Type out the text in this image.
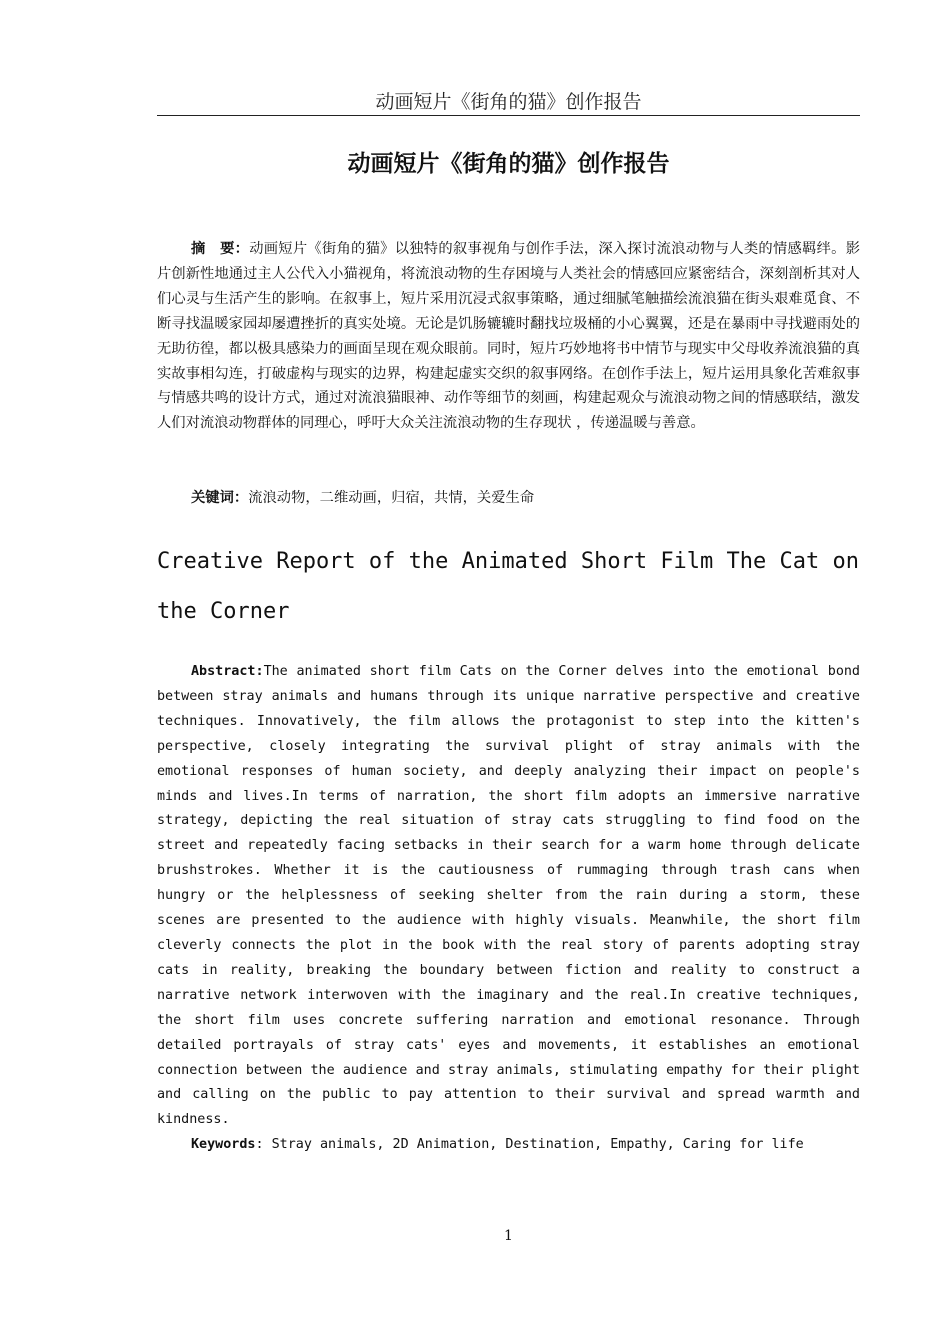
动画短片《街角的猫》创作报告
动画短片《街角的猫》创作报告

摘　要：动画短片《街角的猫》以独特的叙事视角与创作手法，深入探讨流浪动物与人类的情感羁绊。影片创新性地通过主人公代入小猫视角，将流浪动物的生存困境与人类社会的情感回应紧密结合，深刻剖析其对人们心灵与生活产生的影响。在叙事上，短片采用沉浸式叙事策略，通过细腻笔触描绘流浪猫在街头艰难觅食、不断寻找温暖家园却屡遭挫折的真实处境。无论是饥肠辘辘时翻找垃圾桶的小心翼翼，还是在暴雨中寻找避雨处的无助彷徨，都以极具感染力的画面呈现在观众眼前。同时，短片巧妙地将书中情节与现实中父母收养流浪猫的真实故事相勾连，打破虚构与现实的边界，构建起虚实交织的叙事网络。在创作手法上，短片运用具象化苦难叙事与情感共鸣的设计方式，通过对流浪猫眼神、动作等细节的刻画，构建起观众与流浪动物之间的情感联结，激发人们对流浪动物群体的同理心，呼吁大众关注流浪动物的生存现状 ，传递温暖与善意。

关键词：流浪动物，二维动画，归宿，共情，关爱生命

Creative Report of the Animated Short Film The Cat on the Corner

Abstract:The animated short film Cats on the Corner delves into the emotional bond between stray animals and humans through its unique narrative perspective and creative techniques. Innovatively, the film allows the protagonist to step into the kitten's perspective, closely integrating the survival plight of stray animals with the emotional responses of human society, and deeply analyzing their impact on people's minds and lives.In terms of narration, the short film adopts an immersive narrative strategy, depicting the real situation of stray cats struggling to find food on the street and repeatedly facing setbacks in their search for a warm home through delicate brushstrokes. Whether it is the cautiousness of rummaging through trash cans when hungry or the helplessness of seeking shelter from the rain during a storm, these scenes are presented to the audience with highly visuals. Meanwhile, the short film cleverly connects the plot in the book with the real story of parents adopting stray cats in reality, breaking the boundary between fiction and reality to construct a narrative network interwoven with the imaginary and the real.In creative techniques, the short film uses concrete suffering narration and emotional resonance. Through detailed portrayals of stray cats' eyes and movements, it establishes an emotional connection between the audience and stray animals, stimulating empathy for their plight and calling on the public to pay attention to their survival and spread warmth and kindness.

Keywords: Stray animals, 2D Animation, Destination, Empathy, Caring for life

1
